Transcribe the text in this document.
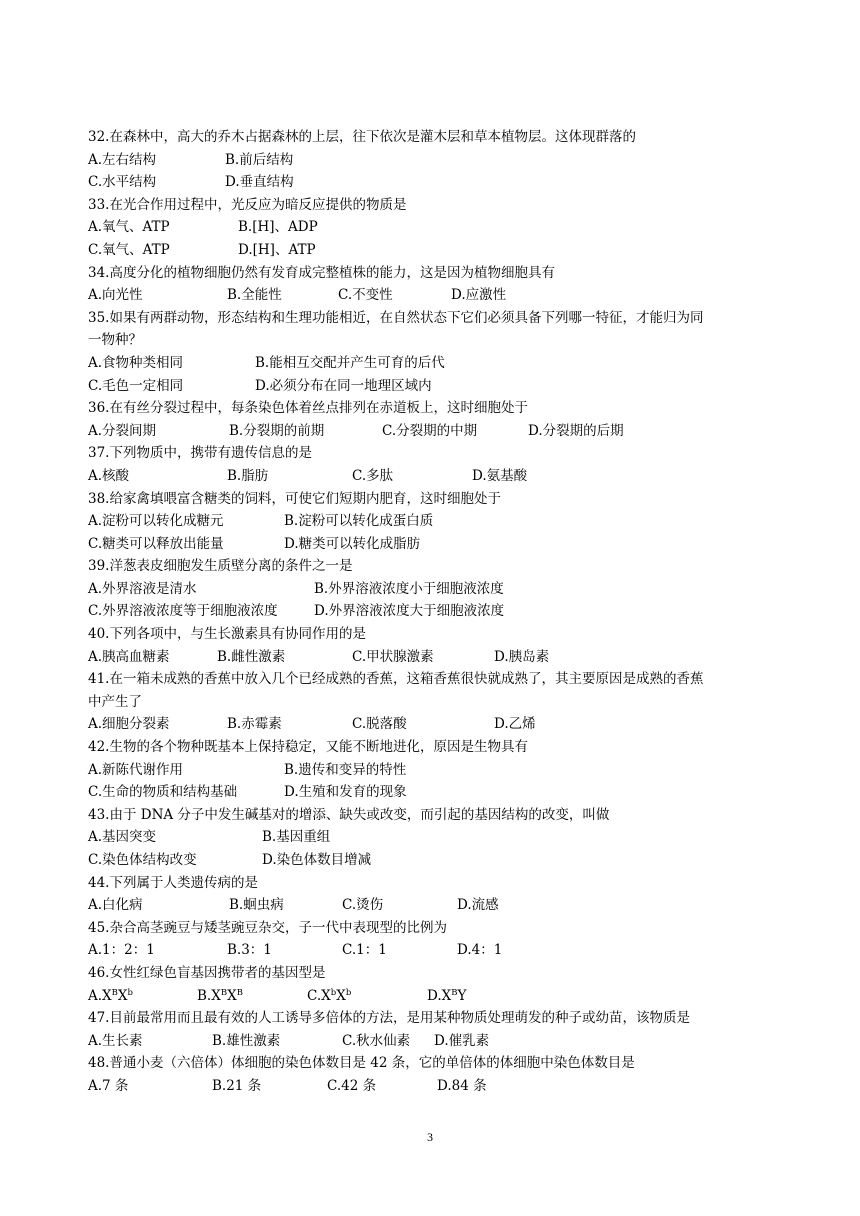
32.在森林中，高大的乔木占据森林的上层，往下依次是灌木层和草本植物层。这体现群落的
A.左右结构	B.前后结构
C.水平结构	D.垂直结构
33.在光合作用过程中，光反应为暗反应提供的物质是
A.氧气、ATP	B.[H]、ADP
C.氧气、ATP	D.[H]、ATP
34.高度分化的植物细胞仍然有发育成完整植株的能力，这是因为植物细胞具有
A.向光性	B.全能性	C.不变性	D.应激性
35.如果有两群动物，形态结构和生理功能相近，在自然状态下它们必须具备下列哪一特征，才能归为同
一物种？
A.食物种类相同	B.能相互交配并产生可育的后代
C.毛色一定相同	D.必须分布在同一地理区域内
36.在有丝分裂过程中，每条染色体着丝点排列在赤道板上，这时细胞处于
A.分裂间期	B.分裂期的前期	C.分裂期的中期	D.分裂期的后期
37.下列物质中，携带有遗传信息的是
A.核酸	B.脂肪	C.多肽	D.氨基酸
38.给家禽填喂富含糖类的饲料，可使它们短期内肥育，这时细胞处于
A.淀粉可以转化成糖元	B.淀粉可以转化成蛋白质
C.糖类可以释放出能量	D.糖类可以转化成脂肪
39.洋葱表皮细胞发生质壁分离的条件之一是
A.外界溶液是清水	B.外界溶液浓度小于细胞液浓度
C.外界溶液浓度等于细胞液浓度	D.外界溶液浓度大于细胞液浓度
40.下列各项中，与生长激素具有协同作用的是
A.胰高血糖素	B.雌性激素	C.甲状腺激素	D.胰岛素
41.在一箱未成熟的香蕉中放入几个已经成熟的香蕉，这箱香蕉很快就成熟了，其主要原因是成熟的香蕉
中产生了
A.细胞分裂素	B.赤霉素	C.脱落酸	D.乙烯
42.生物的各个物种既基本上保持稳定，又能不断地进化，原因是生物具有
A.新陈代谢作用	B.遗传和变异的特性
C.生命的物质和结构基础	D.生殖和发育的现象
43.由于 DNA 分子中发生碱基对的增添、缺失或改变，而引起的基因结构的改变，叫做
A.基因突变	B.基因重组
C.染色体结构改变	D.染色体数目增减
44.下列属于人类遗传病的是
A.白化病	B.蛔虫病	C.烫伤	D.流感
45.杂合高茎豌豆与矮茎豌豆杂交，子一代中表现型的比例为
A.1：2：1	B.3：1	C.1：1	D.4：1
46.女性红绿色盲基因携带者的基因型是
$A.X^BX^b$	$B.X^BX^B$	$C.X^bX^b$	$D.X^BY$
47.目前最常用而且最有效的人工诱导多倍体的方法，是用某种物质处理萌发的种子或幼苗，该物质是
A.生长素	B.雄性激素	C.秋水仙素 D.催乳素
48.普通小麦（六倍体）体细胞的染色体数目是 42 条，它的单倍体的体细胞中染色体数目是
A.7 条	B.21 条	C.42 条	D.84 条
3
